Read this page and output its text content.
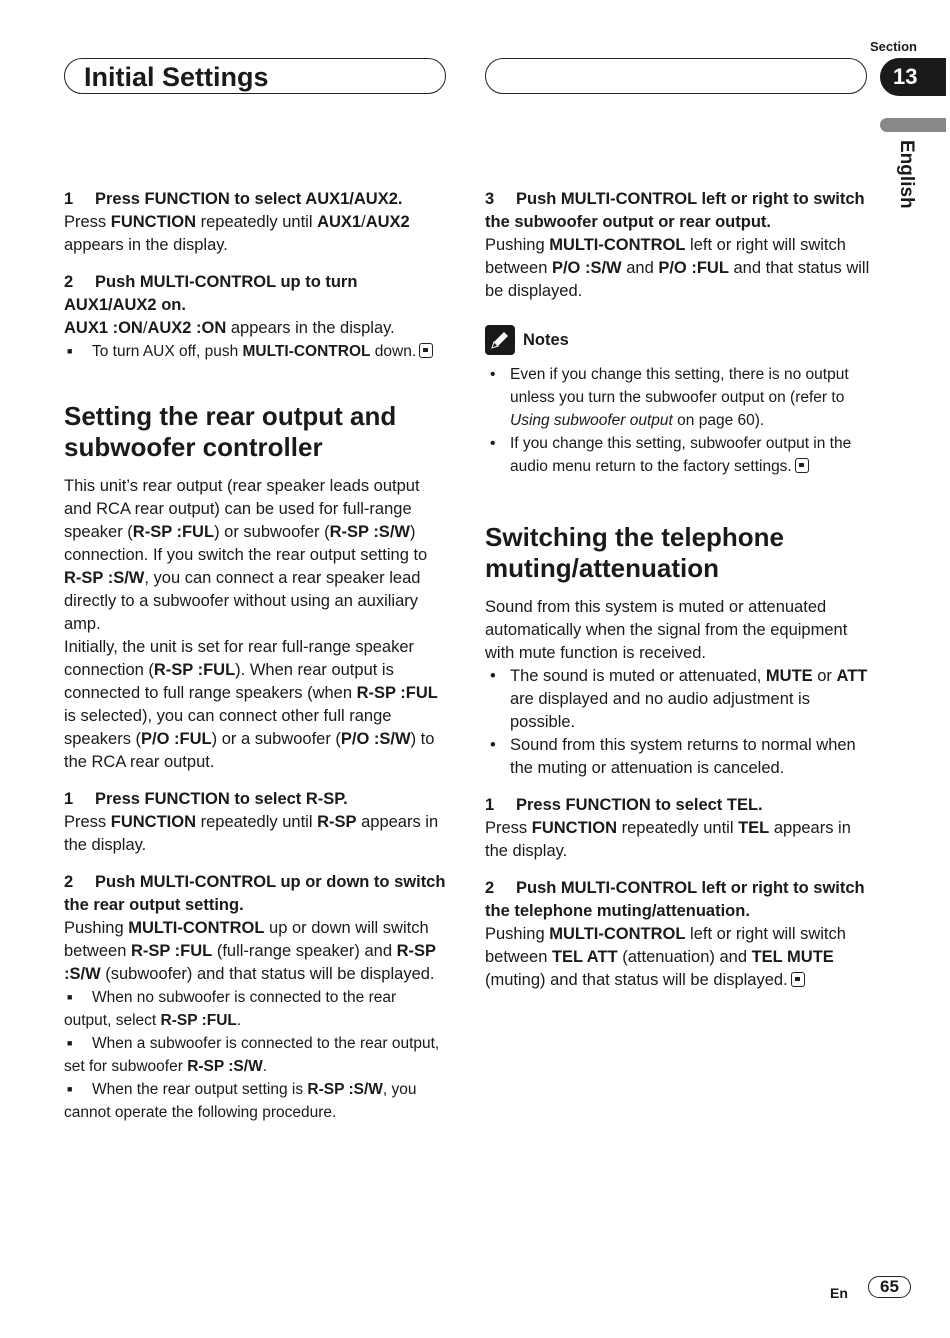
Initial Settings
Section
13
English

1 Press FUNCTION to select AUX1/AUX2.

Press FUNCTION repeatedly until AUX1/AUX2 appears in the display.

2 Push MULTI-CONTROL up to turn AUX1/AUX2 on.

AUX1 :ON/AUX2 :ON appears in the display.

■ To turn AUX off, push MULTI-CONTROL down.

Setting the rear output and subwoofer controller

This unit’s rear output (rear speaker leads output and RCA rear output) can be used for full-range speaker (R-SP :FUL) or subwoofer (R-SP :S/W) connection. If you switch the rear output setting to R-SP :S/W, you can connect a rear speaker lead directly to a subwoofer without using an auxiliary amp.

Initially, the unit is set for rear full-range speaker connection (R-SP :FUL). When rear output is connected to full range speakers (when R-SP :FUL is selected), you can connect other full range speakers (P/O :FUL) or a subwoofer (P/O :S/W) to the RCA rear output.

1 Press FUNCTION to select R-SP.

Press FUNCTION repeatedly until R-SP appears in the display.

2 Push MULTI-CONTROL up or down to switch the rear output setting.

Pushing MULTI-CONTROL up or down will switch between R-SP :FUL (full-range speaker) and R-SP :S/W (subwoofer) and that status will be displayed.

■ When no subwoofer is connected to the rear output, select R-SP :FUL.

■ When a subwoofer is connected to the rear output, set for subwoofer R-SP :S/W.

■ When the rear output setting is R-SP :S/W, you cannot operate the following procedure.

3 Push MULTI-CONTROL left or right to switch the subwoofer output or rear output.

Pushing MULTI-CONTROL left or right will switch between P/O :S/W and P/O :FUL and that status will be displayed.

Notes

• Even if you change this setting, there is no output unless you turn the subwoofer output on (refer to Using subwoofer output on page 60).

• If you change this setting, subwoofer output in the audio menu return to the factory settings.

Switching the telephone muting/attenuation

Sound from this system is muted or attenuated automatically when the signal from the equipment with mute function is received.

• The sound is muted or attenuated, MUTE or ATT are displayed and no audio adjustment is possible.

• Sound from this system returns to normal when the muting or attenuation is canceled.

1 Press FUNCTION to select TEL.

Press FUNCTION repeatedly until TEL appears in the display.

2 Push MULTI-CONTROL left or right to switch the telephone muting/attenuation.

Pushing MULTI-CONTROL left or right will switch between TEL ATT (attenuation) and TEL MUTE (muting) and that status will be displayed.

En	65
